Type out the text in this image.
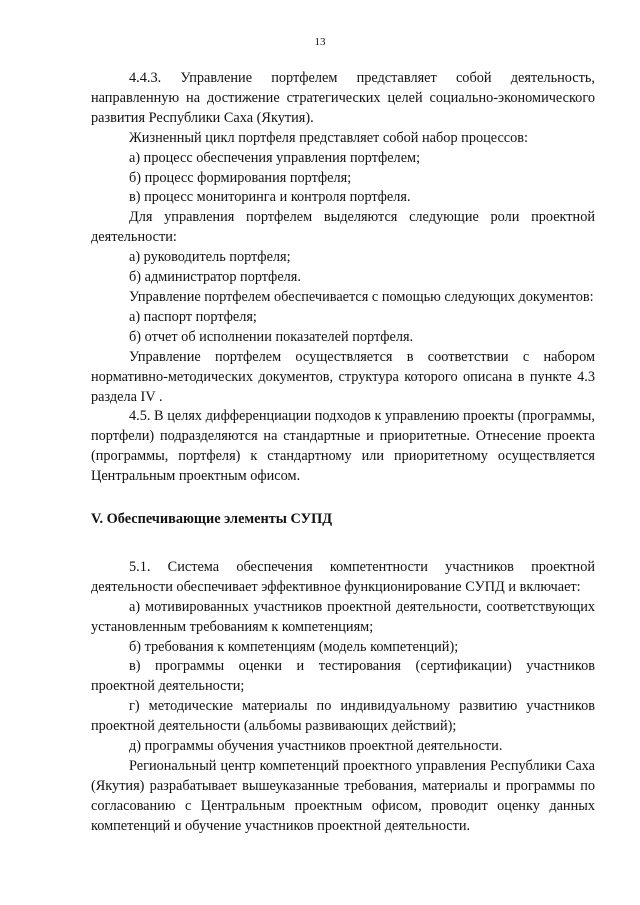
13

4.4.3. Управление портфелем представляет собой деятельность, направленную на достижение стратегических целей социально-экономического развития Республики Саха (Якутия).

Жизненный цикл портфеля представляет собой набор процессов:

а) процесс обеспечения управления портфелем;

б) процесс формирования портфеля;

в) процесс мониторинга и контроля портфеля.

Для управления портфелем выделяются следующие роли проектной деятельности:

а) руководитель портфеля;

б) администратор портфеля.

Управление портфелем обеспечивается с помощью следующих документов:

а) паспорт портфеля;

б) отчет об исполнении показателей портфеля.

Управление портфелем осуществляется в соответствии с набором нормативно-методических документов, структура которого описана в пункте 4.3 раздела IV .

4.5. В целях дифференциации подходов к управлению проекты (программы, портфели) подразделяются на стандартные и приоритетные. Отнесение проекта (программы, портфеля) к стандартному или приоритетному осуществляется Центральным проектным офисом.

V. Обеспечивающие элементы СУПД

5.1. Система обеспечения компетентности участников проектной деятельности обеспечивает эффективное функционирование СУПД и включает:

а) мотивированных участников проектной деятельности, соответствующих установленным требованиям к компетенциям;

б) требования к компетенциям (модель компетенций);

в) программы оценки и тестирования (сертификации) участников проектной деятельности;

г) методические материалы по индивидуальному развитию участников проектной деятельности (альбомы развивающих действий);

д) программы обучения участников проектной деятельности.

Региональный центр компетенций проектного управления Республики Саха (Якутия) разрабатывает вышеуказанные требования, материалы и программы по согласованию с Центральным проектным офисом, проводит оценку данных компетенций и обучение участников проектной деятельности.
